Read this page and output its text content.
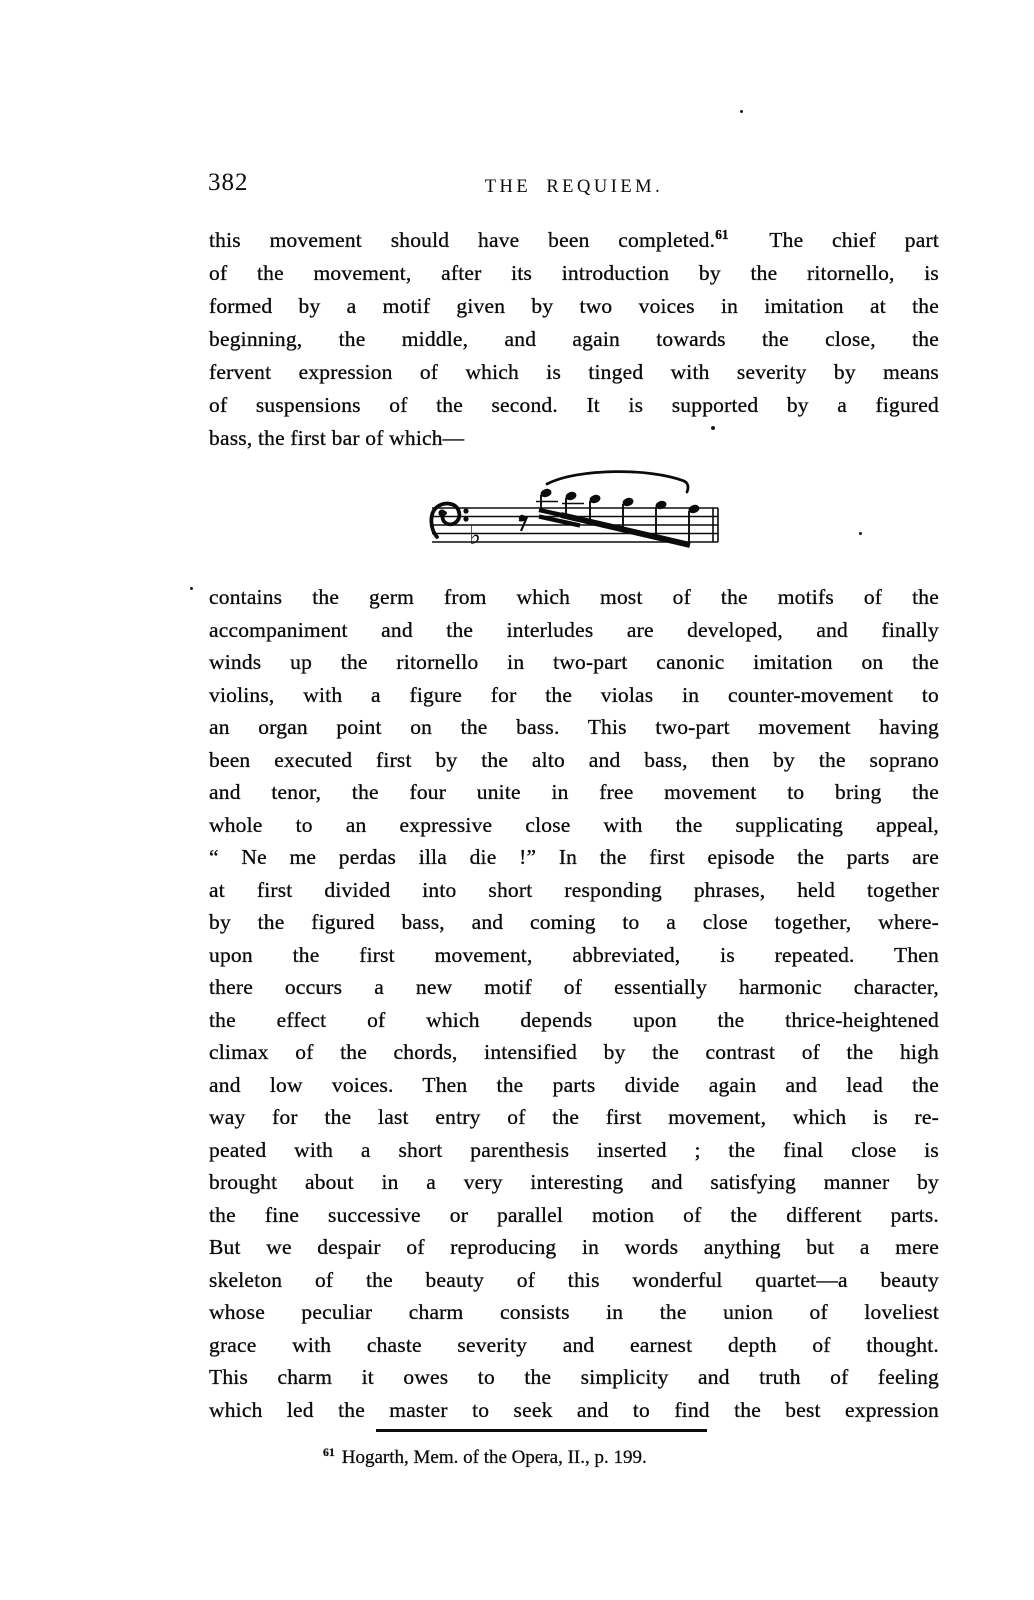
382	THE REQUIEM.
this movement should have been completed.$^{61}$ The chief part
of the movement, after its introduction by the ritornello, is
formed by a motif given by two voices in imitation at the
beginning, the middle, and again towards the close, the
fervent expression of which is tinged with severity by means
of suspensions of the second. It is supported by a figured
bass, the first bar of which—
♭
contains the germ from which most of the motifs of the
accompaniment and the interludes are developed, and finally
winds up the ritornello in two-part canonic imitation on the
violins, with a figure for the violas in counter-movement to
an organ point on the bass. This two-part movement having
been executed first by the alto and bass, then by the soprano
and tenor, the four unite in free movement to bring the
whole to an expressive close with the supplicating appeal,
“ Ne me perdas illa die !” In the first episode the parts are
at first divided into short responding phrases, held together
by the figured bass, and coming to a close together, where-
upon the first movement, abbreviated, is repeated. Then
there occurs a new motif of essentially harmonic character,
the effect of which depends upon the thrice-heightened
climax of the chords, intensified by the contrast of the high
and low voices. Then the parts divide again and lead the
way for the last entry of the first movement, which is re-
peated with a short parenthesis inserted ; the final close is
brought about in a very interesting and satisfying manner by
the fine successive or parallel motion of the different parts.
But we despair of reproducing in words anything but a mere
skeleton of the beauty of this wonderful quartet—a beauty
whose peculiar charm consists in the union of loveliest
grace with chaste severity and earnest depth of thought.
This charm it owes to the simplicity and truth of feeling
which led the master to seek and to find the best expression
$^{61}$ Hogarth, Mem. of the Opera, II., p. 199.
